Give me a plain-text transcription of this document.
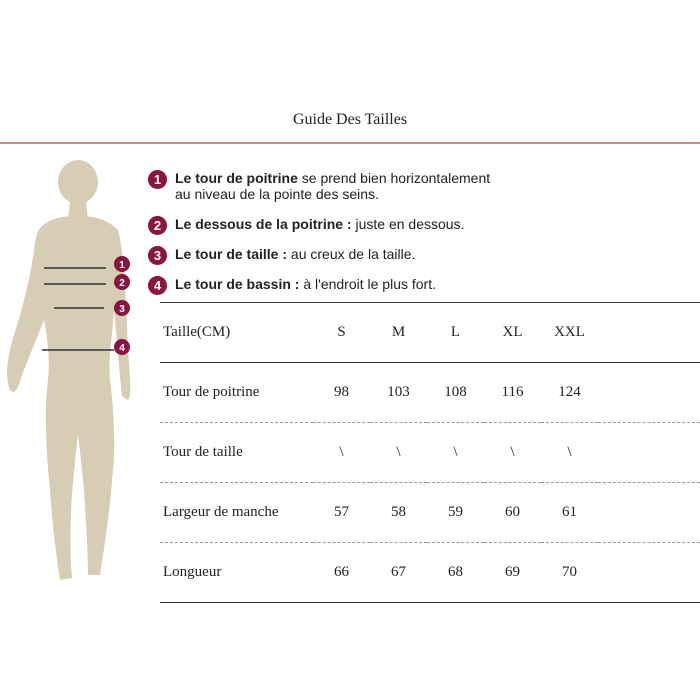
Guide Des Tailles
1
2
3
4
1 Le tour de poitrine se prend bien horizontalement
au niveau de la pointe des seins.
2 Le dessous de la poitrine : juste en dessous.
3 Le tour de taille : au creux de la taille.
4 Le tour de bassin : à l'endroit le plus fort.
Taille(CM)	S	M	L	XL	XXL	
Tour de poitrine	98	103	108	116	124	
Tour de taille	\	\	\	\	\	
Largeur de manche	57	58	59	60	61	
Longueur	66	67	68	69	70	
